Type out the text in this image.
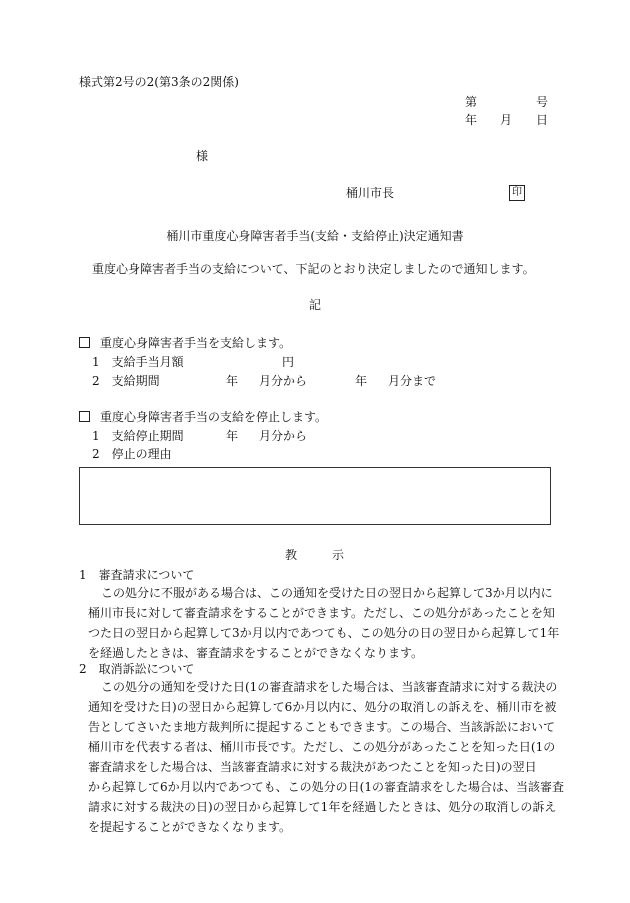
様式第2号の2(第3条の2関係)
第	号
年 月 日
様
桶川市長	印
桶川市重度心身障害者手当(支給・支給停止)決定通知書
重度心身障害者手当の支給について、下記のとおり決定しましたので通知します。
記
重度心身障害者手当を支給します。
1　支給手当月額	円
2　支給期間	年 月分から	年 月分まで
重度心身障害者手当の支給を停止します。
1　支給停止期間	年 月分から
2　停止の理由
教	示
1　審査請求について
この処分に不服がある場合は、この通知を受けた日の翌日から起算して3か月以内に
桶川市長に対して審査請求をすることができます。ただし、この処分があったことを知
つた日の翌日から起算して3か月以内であつても、この処分の日の翌日から起算して1年
を経過したときは、審査請求をすることができなくなります。
2　取消訴訟について
この処分の通知を受けた日(1の審査請求をした場合は、当該審査請求に対する裁決の
通知を受けた日)の翌日から起算して6か月以内に、処分の取消しの訴えを、桶川市を被
告としてさいたま地方裁判所に提起することもできます。この場合、当該訴訟において
桶川市を代表する者は、桶川市長です。ただし、この処分があったことを知った日(1の
審査請求をした場合は、当該審査請求に対する裁決があつたことを知った日)の翌日
から起算して6か月以内であつても、この処分の日(1の審査請求をした場合は、当該審査
請求に対する裁決の日)の翌日から起算して1年を経過したときは、処分の取消しの訴え
を提起することができなくなります。
